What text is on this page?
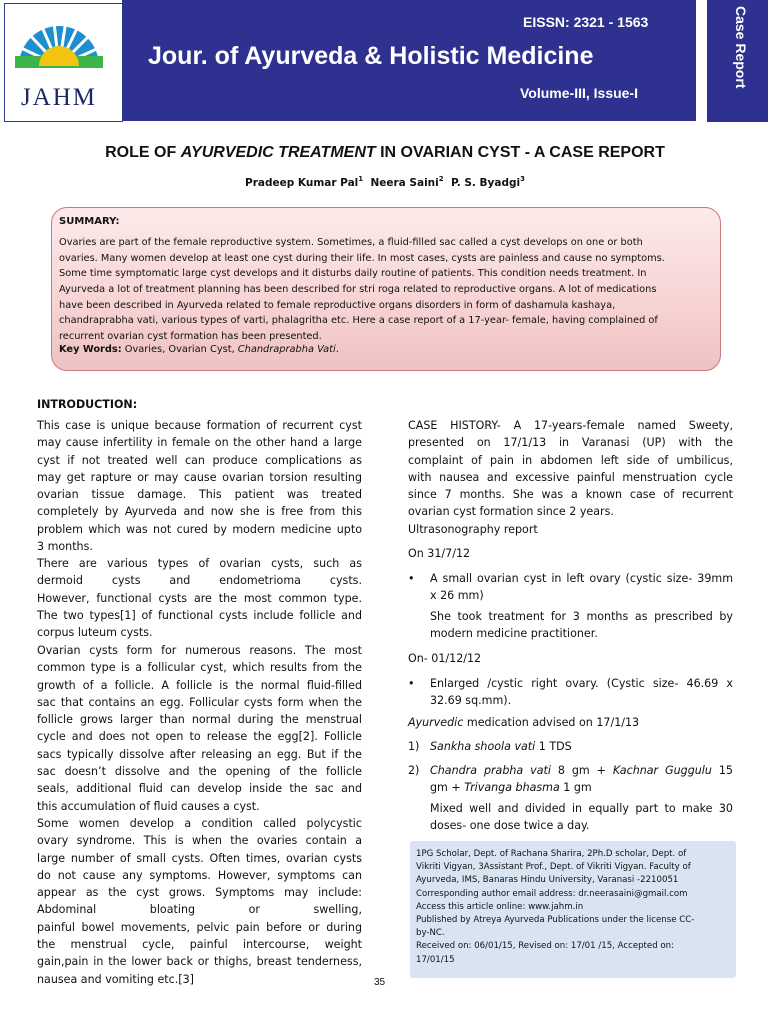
JAHM
EISSN: 2321 - 1563
Jour. of Ayurveda & Holistic Medicine
Volume-III, Issue-I
Case Report
ROLE OF AYURVEDIC TREATMENT IN OVARIAN CYST - A CASE REPORT
Pradeep Kumar Pal$^1$ Neera Saini$^2$ P. S. Byadgi$^3$
SUMMARY:
Ovaries are part of the female reproductive system. Sometimes, a fluid-filled sac called a cyst develops on one or both
ovaries. Many women develop at least one cyst during their life. In most cases, cysts are painless and cause no symptoms.
Some time symptomatic large cyst develops and it disturbs daily routine of patients. This condition needs treatment. In
Ayurveda a lot of treatment planning has been described for stri roga related to reproductive organs. A lot of medications
have been described in Ayurveda related to female reproductive organs disorders in form of dashamula kashaya,
chandraprabha vati, various types of varti, phalagritha etc. Here a case report of a 17-year- female, having complained of
recurrent ovarian cyst formation has been presented.
Key Words: Ovaries, Ovarian Cyst, Chandraprabha Vati.
INTRODUCTION:
This case is unique because formation of recurrent cyst
may cause infertility in female on the other hand a large
cyst if not treated well can produce complications as
may get rapture or may cause ovarian torsion resulting
ovarian tissue damage. This patient was treated
completely by Ayurveda and now she is free from this
problem which was not cured by modern medicine upto
3 months.
There are various types of ovarian cysts, such as
dermoid cysts and endometrioma cysts.
However, functional cysts are the most common type.
The two types[1] of functional cysts include follicle and
corpus luteum cysts.
Ovarian cysts form for numerous reasons. The most
common type is a follicular cyst, which results from the
growth of a follicle. A follicle is the normal fluid-filled
sac that contains an egg. Follicular cysts form when the
follicle grows larger than normal during the menstrual
cycle and does not open to release the egg[2]. Follicle
sacs typically dissolve after releasing an egg. But if the
sac doesn’t dissolve and the opening of the follicle
seals, additional fluid can develop inside the sac and
this accumulation of fluid causes a cyst.
Some women develop a condition called polycystic
ovary syndrome. This is when the ovaries contain a
large number of small cysts. Often times, ovarian cysts
do not cause any symptoms. However, symptoms can
appear as the cyst grows. Symptoms may include:
Abdominal bloating or swelling,
painful bowel movements, pelvic pain before or during
the menstrual cycle, painful intercourse, weight
gain,pain in the lower back or thighs, breast tenderness,
nausea and vomiting etc.[3]
CASE HISTORY- A 17-years-female named Sweety,
presented on 17/1/13 in Varanasi (UP) with the
complaint of pain in abdomen left side of umbilicus,
with nausea and excessive painful menstruation cycle
since 7 months. She was a known case of recurrent
ovarian cyst formation since 2 years.
Ultrasonography report
On 31/7/12
• A small ovarian cyst in left ovary (cystic size- 39mm
x 26 mm)
She took treatment for 3 months as prescribed by
modern medicine practitioner.
On- 01/12/12
• Enlarged /cystic right ovary. (Cystic size- 46.69 x
32.69 sq.mm).
Ayurvedic medication advised on 17/1/13
1) Sankha shoola vati 1 TDS
2) Chandra prabha vati 8 gm + Kachnar Guggulu 15
gm + Trivanga bhasma 1 gm
Mixed well and divided in equally part to make 30
doses- one dose twice a day.
1PG Scholar, Dept. of Rachana Sharira, 2Ph.D scholar, Dept. of
Vikriti Vigyan, 3Assistant Prof., Dept. of Vikriti Vigyan. Faculty of
Ayurveda, IMS, Banaras Hindu University, Varanasi -2210051
Corresponding author email address: dr.neerasaini@gmail.com
Access this article online: www.jahm.in
Published by Atreya Ayurveda Publications under the license CC-
by-NC.
Received on: 06/01/15, Revised on: 17/01 /15, Accepted on:
17/01/15
35
